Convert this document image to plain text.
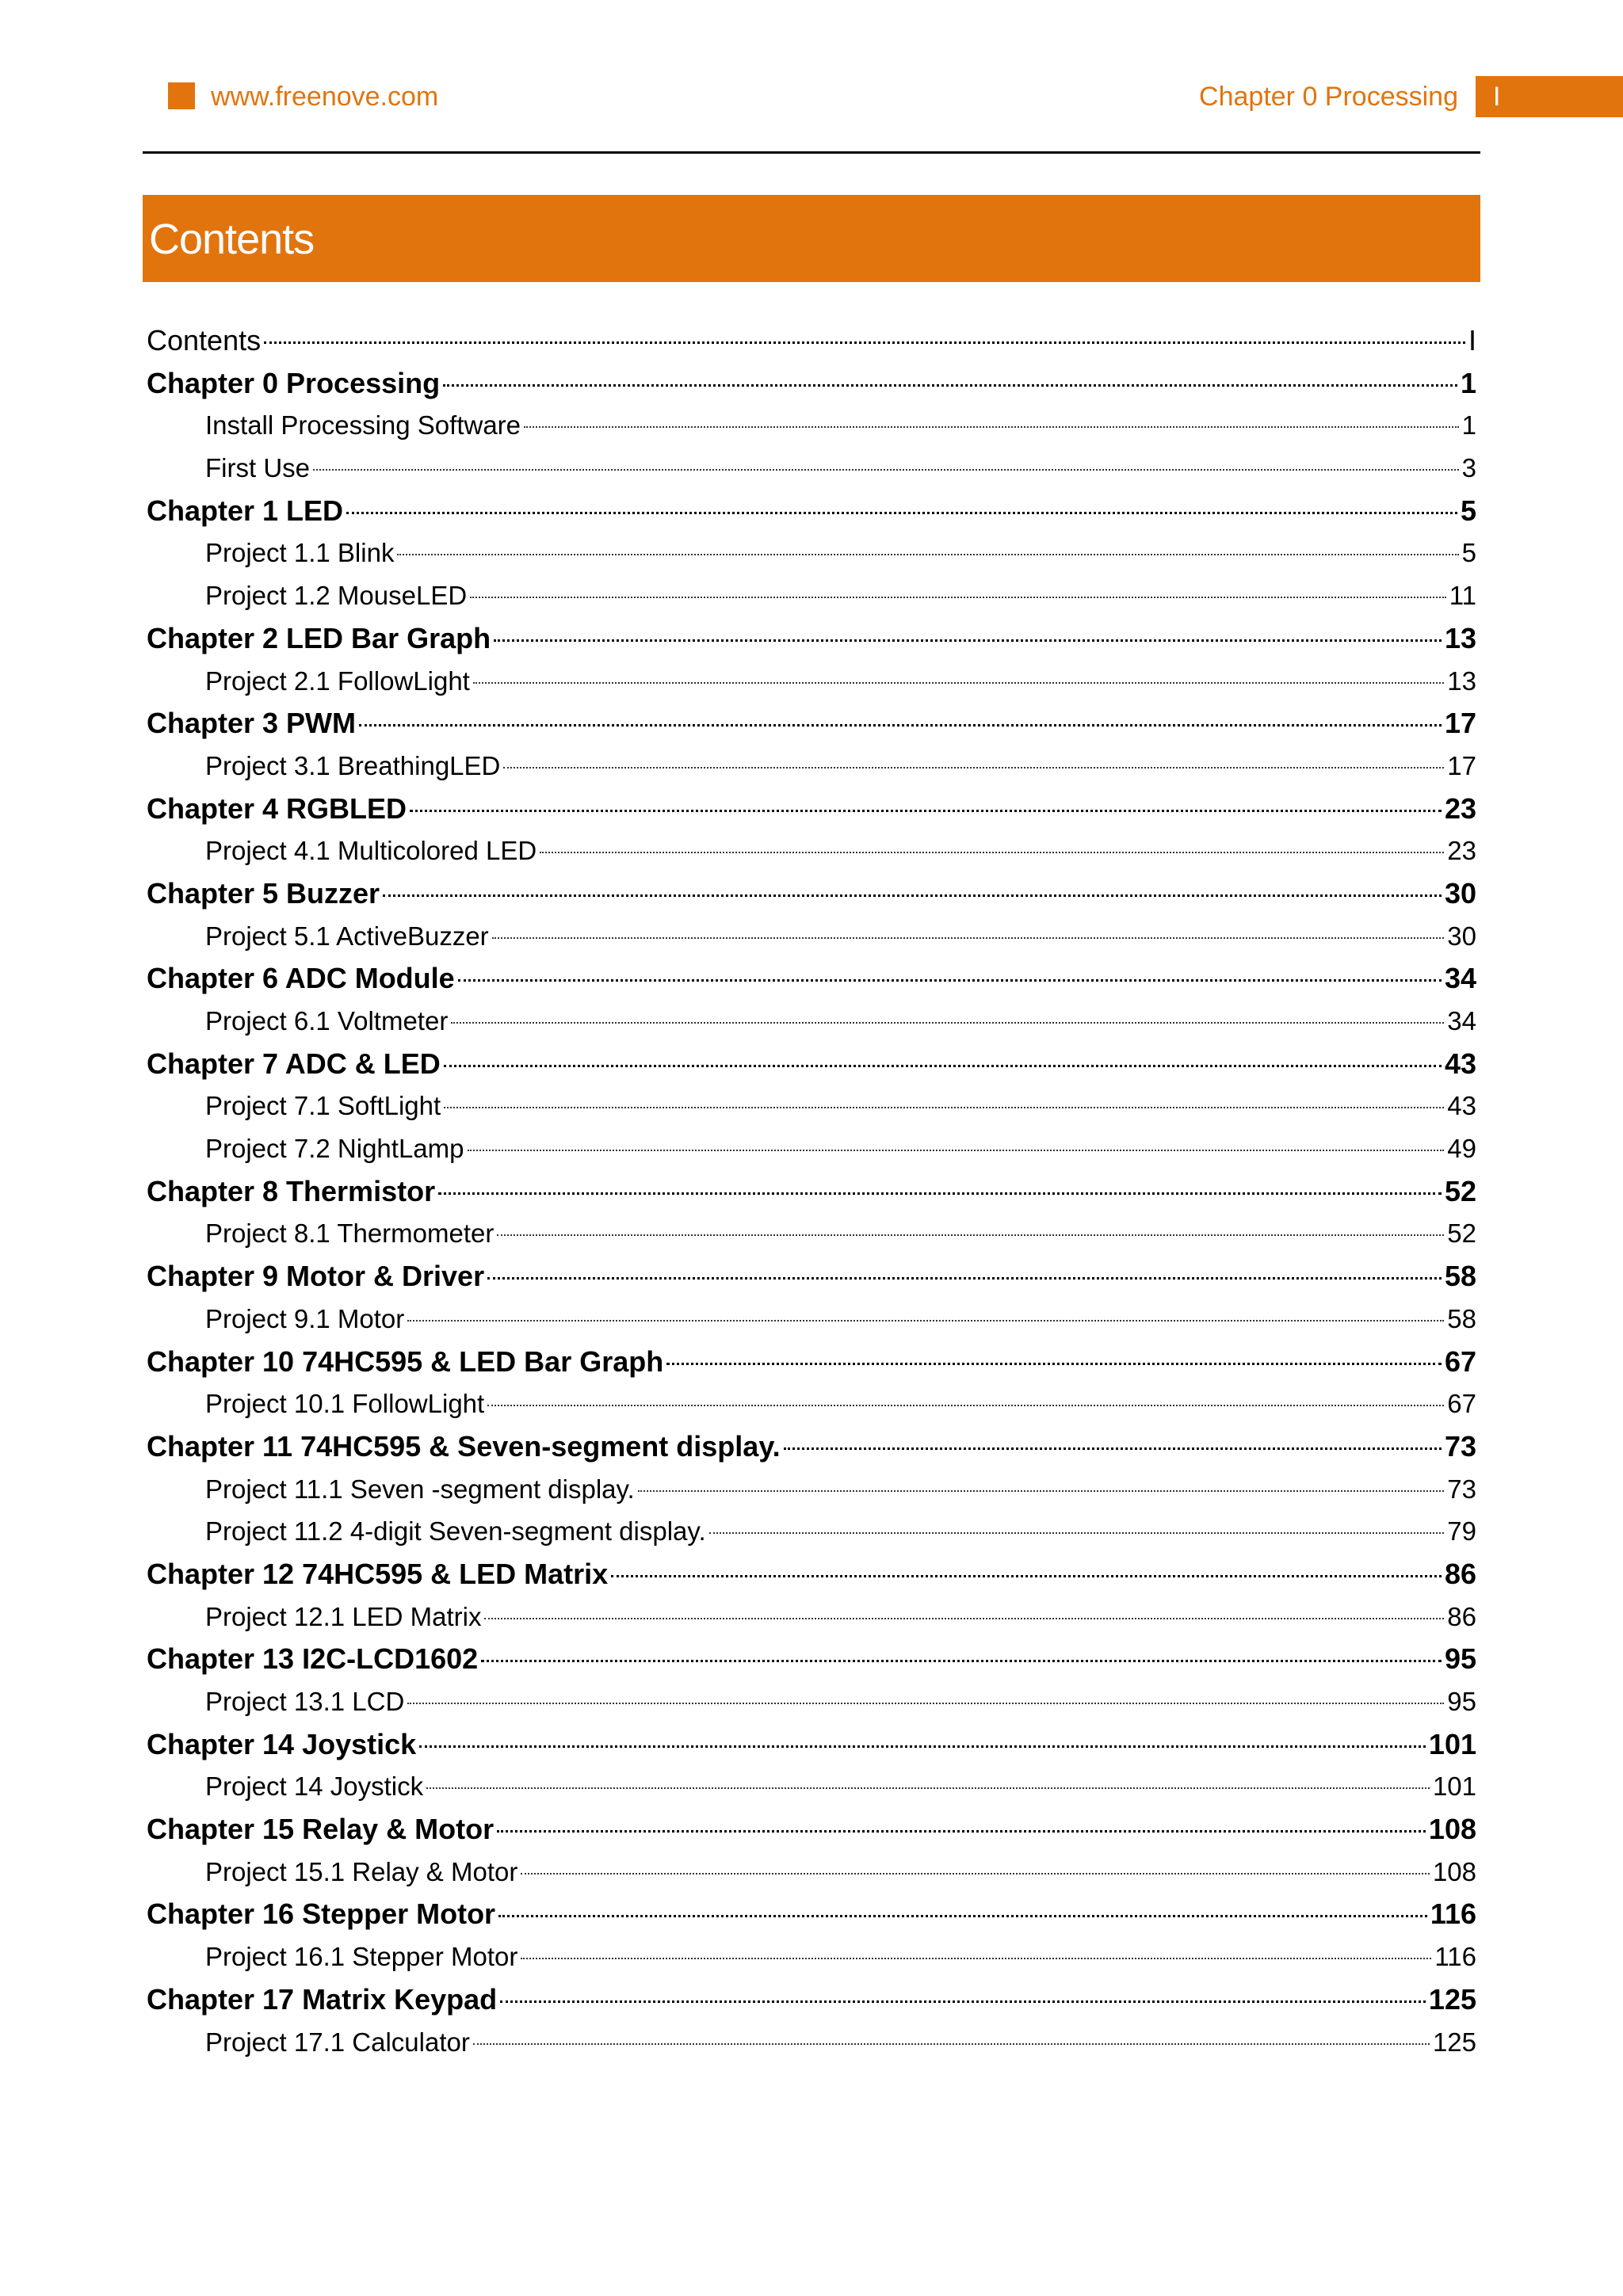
www.freenove.com	Chapter 0 Processing I
Contents
Contents	I
Chapter 0 Processing	1
Install Processing Software	1
First Use	3
Chapter 1 LED	5
Project 1.1 Blink	5
Project 1.2 MouseLED	11
Chapter 2 LED Bar Graph	13
Project 2.1 FollowLight	13
Chapter 3 PWM	17
Project 3.1 BreathingLED	17
Chapter 4 RGBLED	23
Project 4.1 Multicolored LED	23
Chapter 5 Buzzer	30
Project 5.1 ActiveBuzzer	30
Chapter 6 ADC Module	34
Project 6.1 Voltmeter	34
Chapter 7 ADC & LED	43
Project 7.1 SoftLight	43
Project 7.2 NightLamp	49
Chapter 8 Thermistor	52
Project 8.1 Thermometer	52
Chapter 9 Motor & Driver	58
Project 9.1 Motor	58
Chapter 10 74HC595 & LED Bar Graph	67
Project 10.1 FollowLight	67
Chapter 11 74HC595 & Seven-segment display.	73
Project 11.1 Seven -segment display.	73
Project 11.2 4-digit Seven-segment display.	79
Chapter 12 74HC595 & LED Matrix	86
Project 12.1 LED Matrix	86
Chapter 13 I2C-LCD1602	95
Project 13.1 LCD	95
Chapter 14 Joystick	101
Project 14 Joystick	101
Chapter 15 Relay & Motor	108
Project 15.1 Relay & Motor	108
Chapter 16 Stepper Motor	116
Project 16.1 Stepper Motor	116
Chapter 17 Matrix Keypad	125
Project 17.1 Calculator	125
